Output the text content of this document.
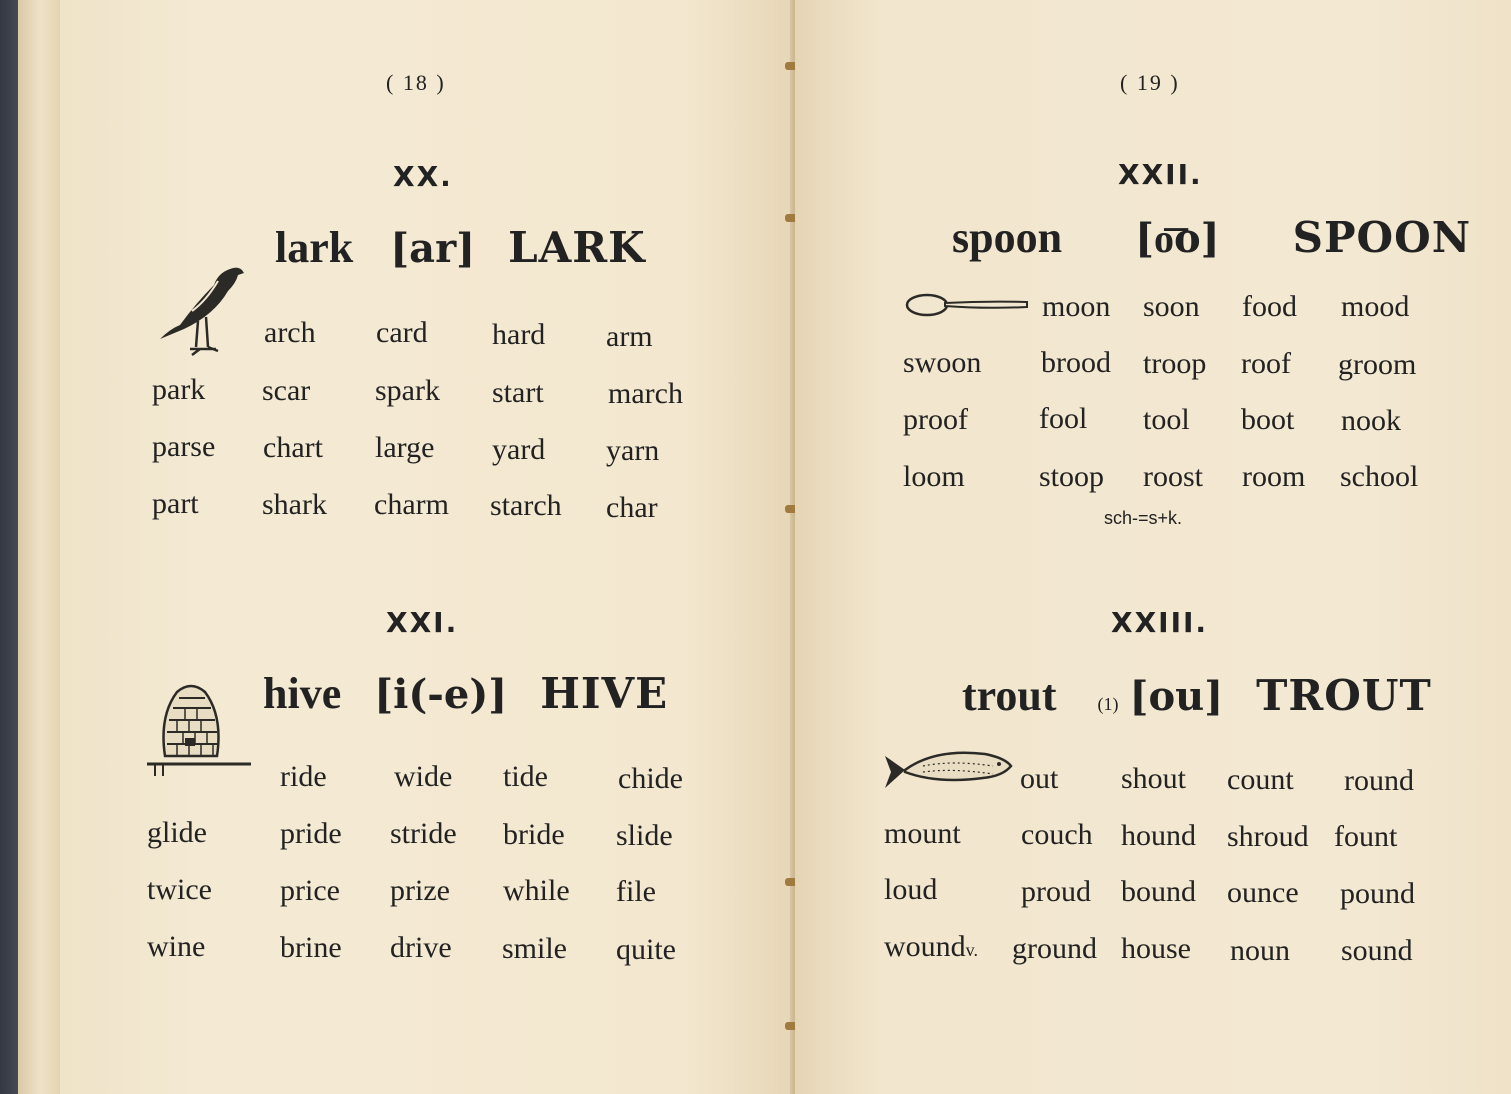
( 18 )
XX.
lark [ar] LARK
arch card hard arm
park scar spark start march
parse chart large yard yarn
part shark charm starch char
XXI.
hive [i(-e)] HIVE
ride wide tide chide
glide pride stride bride slide
twice price prize while file
wine brine drive smile quite
( 19 )
XXII.
spoon [o͞o] SPOON
moon soon food mood
swoon brood troop roof groom
proof fool tool boot nook
loom stoop roost room school
sch-=s+k.
XXIII.
trout (1) [ou] TROUT
out shout count round
mount couch hound shroud fount
loud	proud bound ounce pound
woundv. ground house noun sound
